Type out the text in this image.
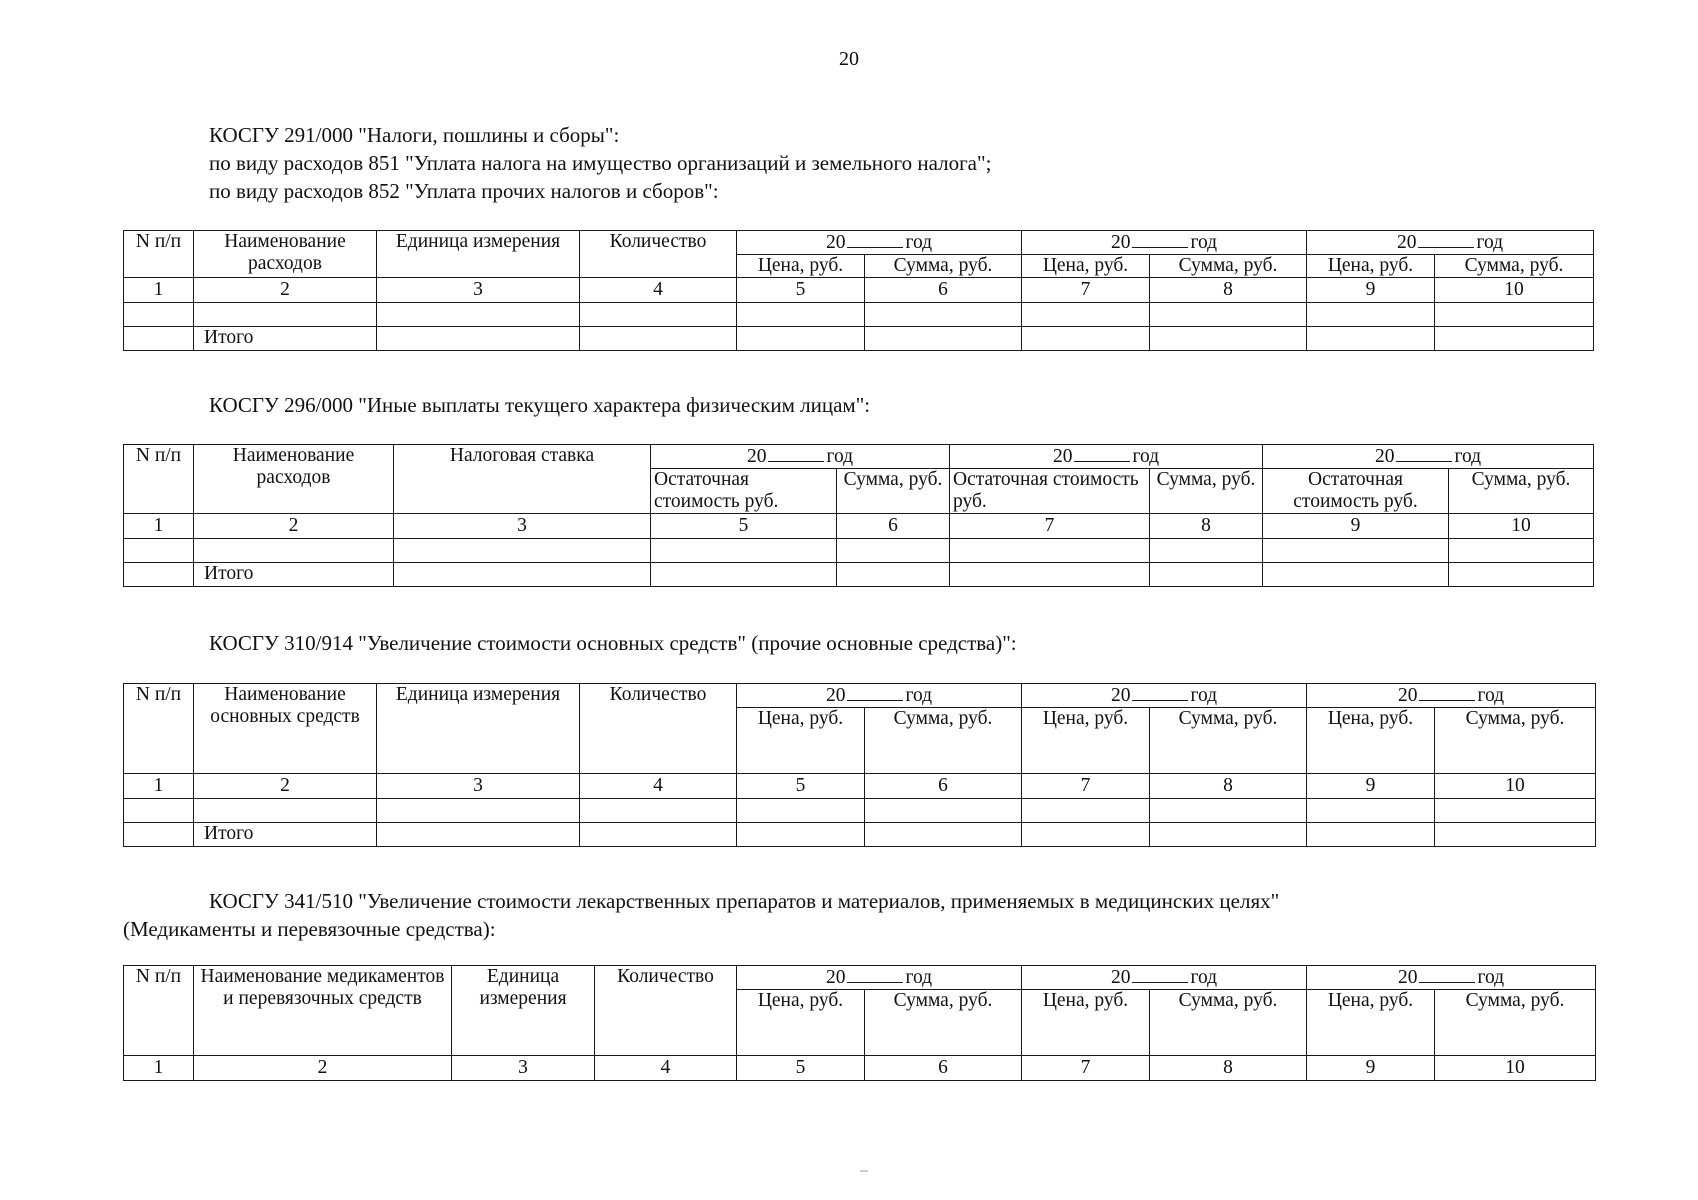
20

КОСГУ 291/000 "Налоги, пошлины и сборы":

по виду расходов 851 "Уплата налога на имущество организаций и земельного налога";

по виду расходов 852 "Уплата прочих налогов и сборов":

N п/п	Наименование расходов	Единица измерения	Количество	20 год		20 год		20 год	
				Цена, руб.	Сумма, руб.	Цена, руб.	Сумма, руб.	Цена, руб.	Сумма, руб.
1	2	3	4	5	6	7	8	9	10

	Итого								

КОСГУ 296/000 "Иные выплаты текущего характера физическим лицам":

N п/п	Наименование расходов	Налоговая ставка	20 год		20 год		20 год	
			Остаточная стоимость руб.	Сумма, руб.	Остаточная стоимость руб.	Сумма, руб.	Остаточная стоимость руб.	Сумма, руб.
1	2	3	5	6	7	8	9	10

	Итого							

КОСГУ 310/914 "Увеличение стоимости основных средств" (прочие основные средства)":

N п/п	Наименование основных средств	Единица измерения	Количество	20 год		20 год		20 год	
				Цена, руб.	Сумма, руб.	Цена, руб.	Сумма, руб.	Цена, руб.	Сумма, руб.
1	2	3	4	5	6	7	8	9	10

	Итого								

КОСГУ 341/510 "Увеличение стоимости лекарственных препаратов и материалов, применяемых в медицинских целях"

(Медикаменты и перевязочные средства):

N п/п	Наименование медикаментов и перевязочных средств	Единица измерения	Количество	20 год		20 год		20 год	
				Цена, руб.	Сумма, руб.	Цена, руб.	Сумма, руб.	Цена, руб.	Сумма, руб.
1	2	3	4	5	6	7	8	9	10
